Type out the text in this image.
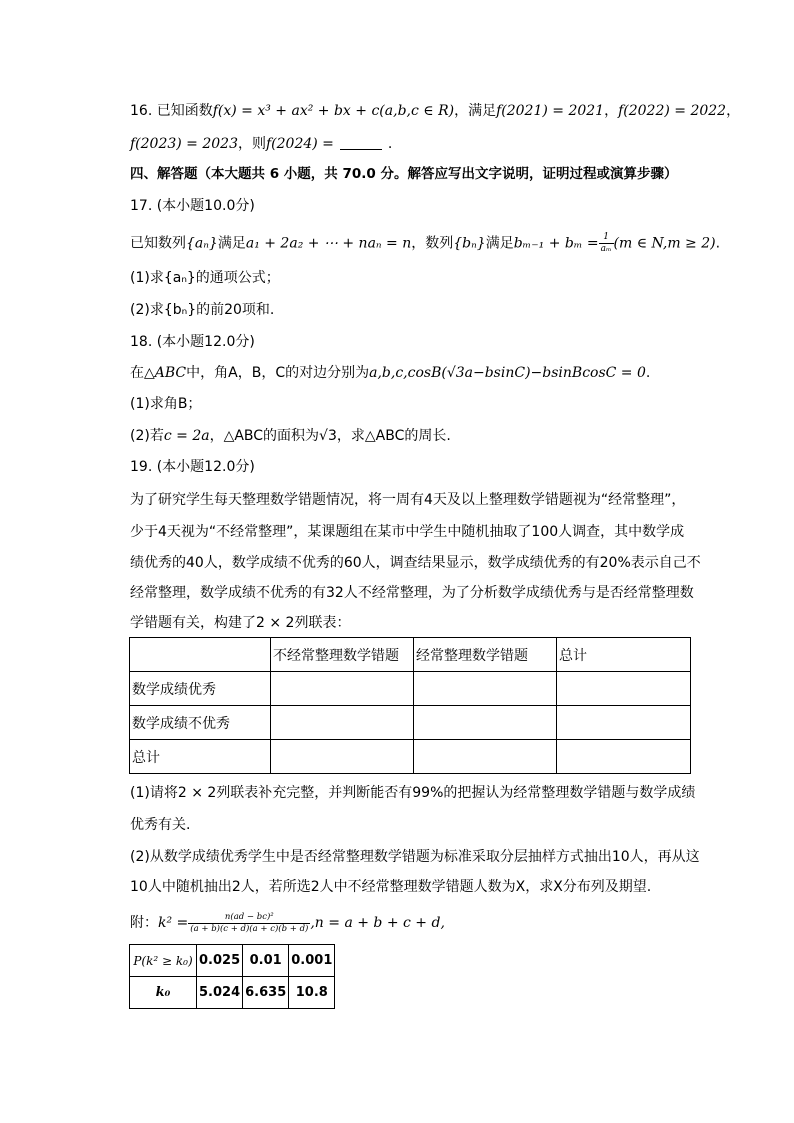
16. 已知函数f(x) = x³ + ax² + bx + c(a,b,c ∈ R)，满足f(2021) = 2021，f(2022) = 2022，
f(2023) = 2023，则f(2024) =	.
四、解答题（本大题共 6 小题，共 70.0 分。解答应写出文字说明，证明过程或演算步骤）
17. (本小题10.0分)
已知数列{aₙ}满足a₁ + 2a₂ + ⋯ + naₙ = n，数列{bₙ}满足$b_{m-1} + b_m = \frac{1}{\text{aₘ}} (m$ ∈ N,m ≥ 2).
(1)求{aₙ}的通项公式；
(2)求{bₙ}的前20项和.
18. (本小题12.0分)
在△ABC中，角A，B，C的对边分别为a,b,c,cosB(√3a−bsinC)−bsinBcosC = 0.
(1)求角B；
(2)若c = 2a，△ABC的面积为√3，求△ABC的周长.
19. (本小题12.0分)
为了研究学生每天整理数学错题情况，将一周有4天及以上整理数学错题视为“经常整理”，
少于4天视为“不经常整理”，某课题组在某市中学生中随机抽取了100人调查，其中数学成
绩优秀的40人，数学成绩不优秀的60人，调查结果显示，数学成绩优秀的有20%表示自己不
经常整理，数学成绩不优秀的有32人不经常整理，为了分析数学成绩优秀与是否经常整理数
学错题有关，构建了2 × 2列联表：
	不经常整理数学错题	经常整理数学错题	总计
数学成绩优秀			
数学成绩不优秀			
总计			
(1)请将2 × 2列联表补充完整，并判断能否有99%的把握认为经常整理数学错题与数学成绩
优秀有关.
(2)从数学成绩优秀学生中是否经常整理数学错题为标准采取分层抽样方式抽出10人，再从这
10人中随机抽出2人，若所选2人中不经常整理数学错题人数为X，求X分布列及期望.
附：$k^2 = \frac{\text{n(ad − bc)²}}{(a + b)(c + d)(a + c)(b + d)} ,n = a + b + c + d$,
P(k² ≥ k₀)	0.025	0.01	0.001
k₀	5.024	6.635	10.8
